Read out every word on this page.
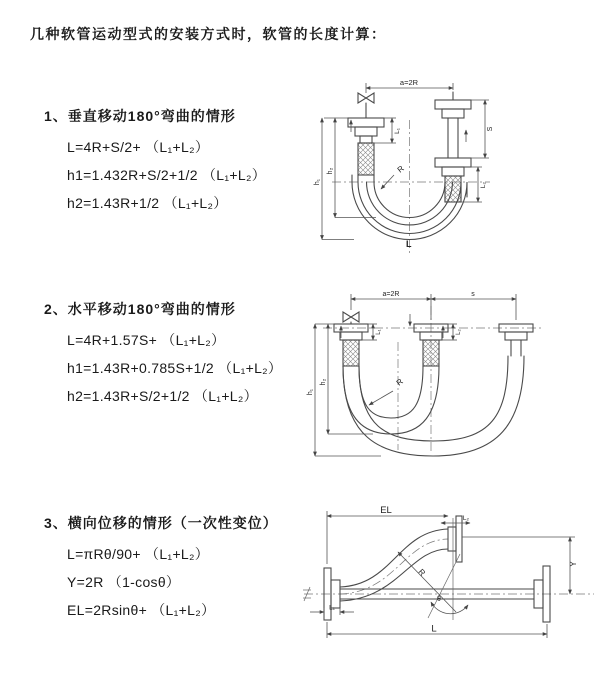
几种软管运动型式的安装方式时，软管的长度计算：
1、垂直移动180°弯曲的情形
L=4R+S/2+ （L₁+L₂）
h1=1.432R+S/2+1/2 （L₁+L₂）
h2=1.43R+1/2 （L₁+L₂）
a=2R
h₁
h₂
L₁	S
L₂
R
L
2、水平移动180°弯曲的情形
L=4R+1.57S+ （L₁+L₂）
h1=1.43R+0.785S+1/2 （L₁+L₂）
h2=1.43R+S/2+1/2 （L₁+L₂）
a=2R	s
h₁
h₂
L₁	L₂
R
3、横向位移的情形（一次性变位）
L=πRθ/90+ （L₁+L₂）
Y=2R （1-cosθ）
EL=2Rsinθ+ （L₁+L₂）
EL
L₂
Y
R
θ
L
L₁
